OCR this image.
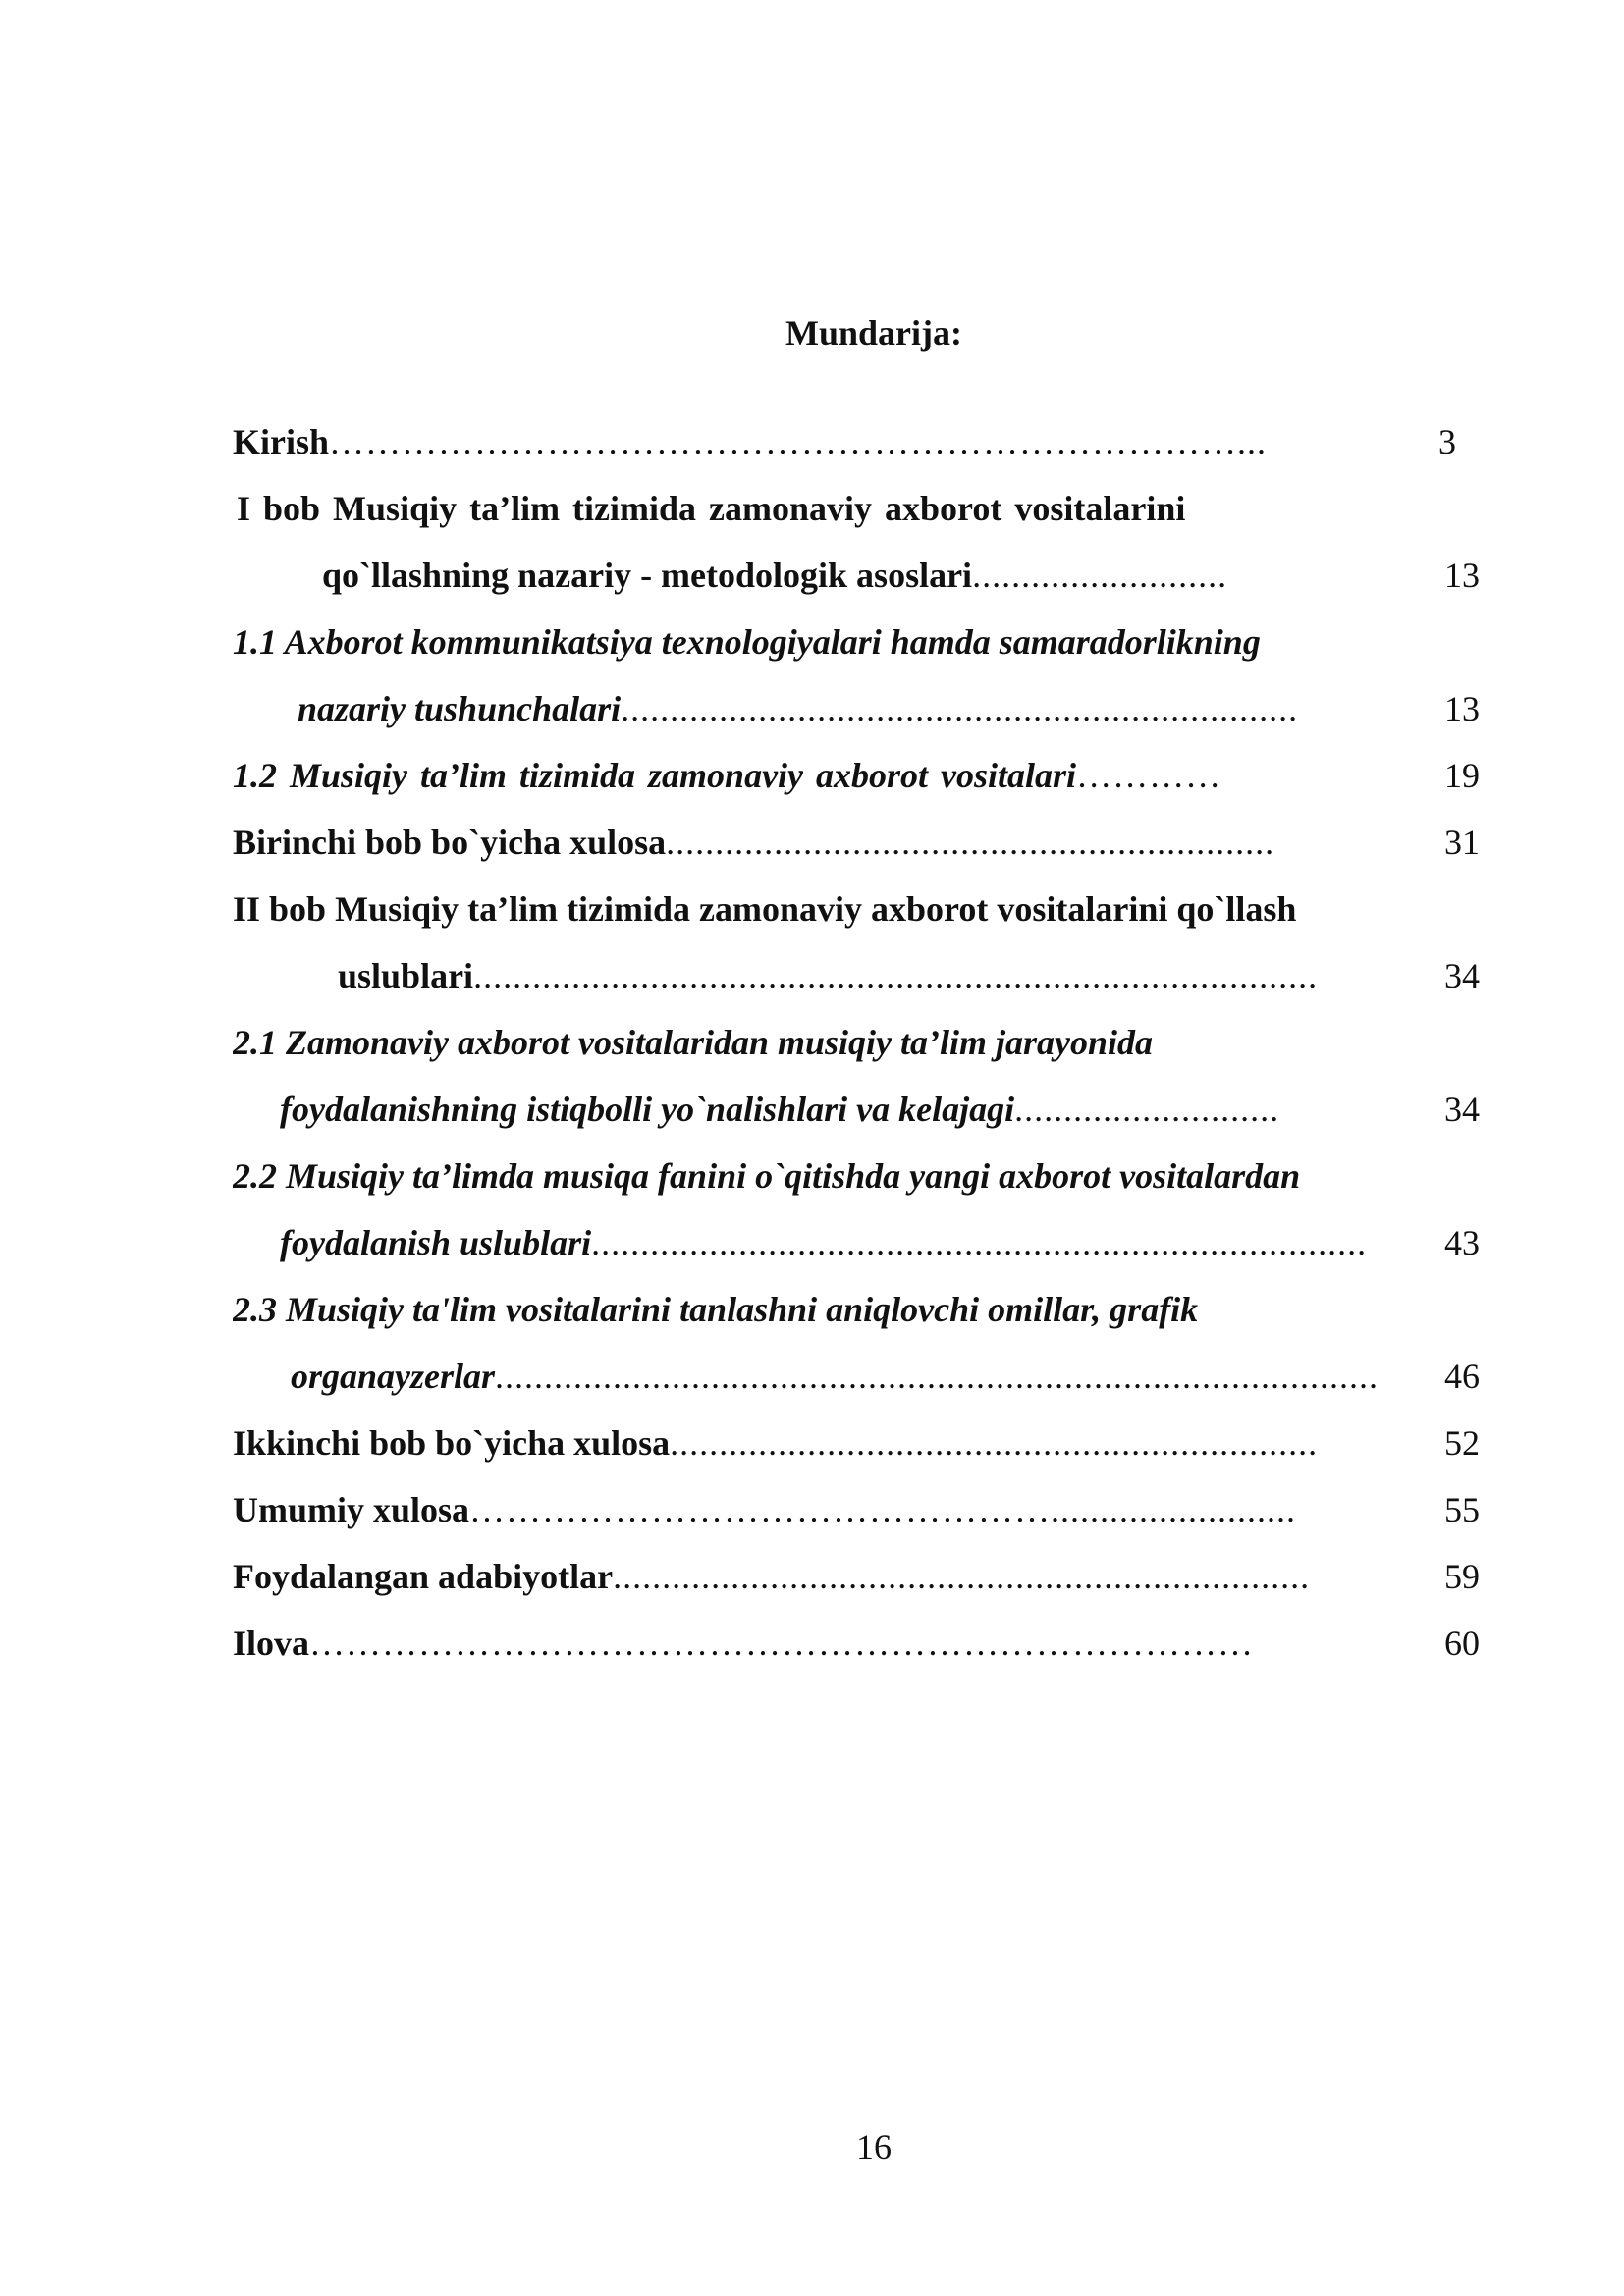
Mundarija:
Kirish…………………………………………………………………...	3
I bob Musiqiy ta’lim tizimida zamonaviy axborot vositalarini
qo`llashning nazariy - metodologik asoslari..........................	13
1.1 Axborot kommunikatsiya texnologiyalari hamda samaradorlikning
nazariy tushunchalari.....................................................................	13
1.2 Musiqiy ta’lim tizimida zamonaviy axborot vositalari…………	19
Birinchi bob bo`yicha xulosa..............................................................	31
II bob Musiqiy ta’lim tizimida zamonaviy axborot vositalarini qo`llash
uslublari......................................................................................	34
2.1 Zamonaviy axborot vositalaridan musiqiy ta’lim jarayonida
foydalanishning istiqbolli yo`nalishlari va kelajagi...........................	34
2.2 Musiqiy ta’limda musiqa fanini o`qitishda yangi axborot vositalardan
foydalanish uslublari............................................................................... 43
2.3 Musiqiy ta'lim vositalarini tanlashni aniqlovchi omillar, grafik
organayzerlar.......................................................................................... 46
Ikkinchi bob bo`yicha xulosa..................................................................	52
Umumiy xulosa………………………………………….........................	55
Foydalangan adabiyotlar.......................................................................	59
Ilova……………………………………………………………………	60
16
